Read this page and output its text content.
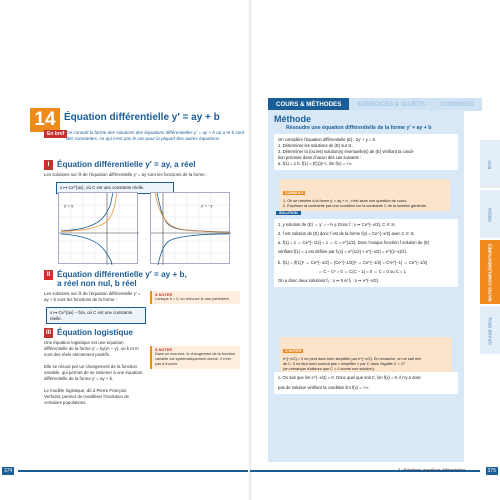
14 Équation différentielle y′ = ay + b
En bref On connaît la forme des solutions des équations différentielles y′ = ay + b où a et b sont des constantes, ce qui n'est pas le cas pour la plupart des autres équations.
I Équation différentielle y′ = ay, a réel
Les solutions sur ℝ de l'équation différentielle y′ = ay sont les fonctions de la forme :
x ↦ Ce^{ax}, où C est une constante réelle.
y′ = y	y′ = −y
II Équation différentielle y′ = ay + b,
a réel non nul, b réel
Les solutions sur ℝ de l'équation différentielle y′ = ay + b sont les fonctions de la forme :
x ↦ Ce^{ax} − b/a, où C est une constante réelle.
À NOTER
Lorsque b = 0, on retrouve le cas précédent.
III Équation logistique
Une équation logistique est une équation différentielle de la forme y′ = ky(m − y), où k et m sont des réels strictement positifs.
Elle se résout par un changement de la fonction variable, qui permet de se ramener à une équation différentielle de la forme y′ = ay + b.
Le modèle logistique, dû à Pierre François Verhulst, permet de modéliser l'évolution de certaines populations.
À NOTER
Dans un exercice, le changement de la fonction variable est systématiquement donné, il n'est pas à trouver.
374
COURS & MÉTHODES	EXERCICES & SUJETS	CORRIGÉS
Méthode
Résoudre une équation différentielle de la forme y′ = ay + b
On considère l'équation différentielle (E) : 2y′ + y = 0.
1. Déterminer les solutions de (E) sur ℝ.
2. Déterminer la (ou les) solution(s) éventuelle(s) de (E) vérifiant la condi-
tion précisée dans chacun des cas suivants :
a. f(1) = 1 b. f(1) = (f(1))² c. lim f(x) = +∞
CONSEILS
1. On se ramène à la forme y′ = ay + b ; c'est alors une question de cours.
2. Exprimez la contrainte par une condition sur la constante C de la solution générale.
SOLUTION
1. y solution de (E) ⇔ y′ = −½ y. Donc f : x ↦ Ce^{−x/2}, C ∈ ℝ.
2. f est solution de (E) donc f est de la forme f(x) = Ce^{−x/2} avec C ∈ ℝ.
a. f(1) = 1 ⇔ Ce^{−1/2} = 1 ⇔ C = e^{1/2}. Donc l'unique fonction f solution de (E)
vérifiant f(1) = 1 est définie par f₁(x) = e^{1/2} × e^{−x/2} = e^{(1−x)/2}.
b. f(1) = (f(1))² ⇔ Ce^{−1/2} = (Ce^{−1/2})² ⇔ Ce^{−1/2} = C²e^{−1} ⇔ Ce^{−1/2}
⇔ C − C² = 0 ⇔ C(C − 1) = 0 ⇔ C = 0 ou C = 1
On a donc deux solutions f₀ : x ↦ 0 et f₁ : x ↦ e^{−x/2}.
À NOTER
e^{−x/2} = 0 ne peut donc bien simplifier par e^{−x/2}. En revanche, on ne sait rien
de C. Il ne faut donc surtout pas « simplifier » par C dans l'égalité C = C²
(on remarque d'ailleurs que C = 0 donne une solution).
c. On sait que lim e^{−x/2} = 0. Donc quel que soit C, lim f(x) = 0, il n'y a donc
pas de solution vérifiant la condition lim f(x) = +∞.
BAC
PREPA
MATHS COMPLÉMENTAIRES
GRAND ORAL
3 • Primitives, équations différentielles	375
